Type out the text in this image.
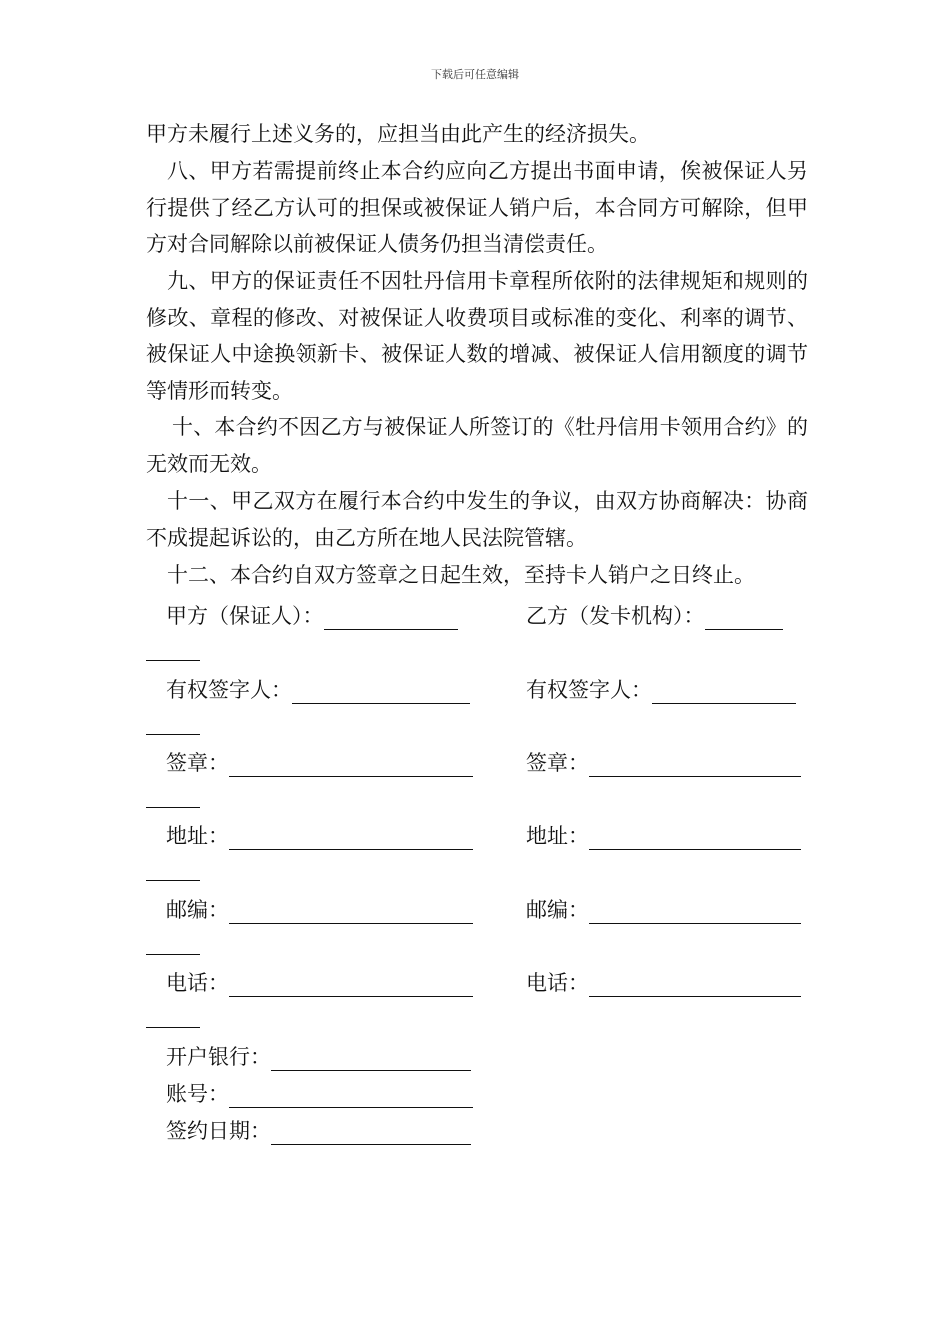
下载后可任意编辑

甲方未履行上述义务的，应担当由此产生的经济损失。

八、甲方若需提前终止本合约应向乙方提出书面申请，俟被保证人另行提供了经乙方认可的担保或被保证人销户后，本合同方可解除，但甲方对合同解除以前被保证人债务仍担当清偿责任。

九、甲方的保证责任不因牡丹信用卡章程所依附的法律规矩和规则的修改、章程的修改、对被保证人收费项目或标准的变化、利率的调节、被保证人中途换领新卡、被保证人数的增减、被保证人信用额度的调节等情形而转变。

十、本合约不因乙方与被保证人所签订的《牡丹信用卡领用合约》的无效而无效。

十一、甲乙双方在履行本合约中发生的争议，由双方协商解决：协商不成提起诉讼的，由乙方所在地人民法院管辖。

十二、本合约自双方签章之日起生效，至持卡人销户之日终止。

甲方（保证人）：	乙方（发卡机构）：
有权签字人：	有权签字人：
签章：	签章：
地址：	地址：
邮编：	邮编：
电话：	电话：
开户银行：
账号：
签约日期：
